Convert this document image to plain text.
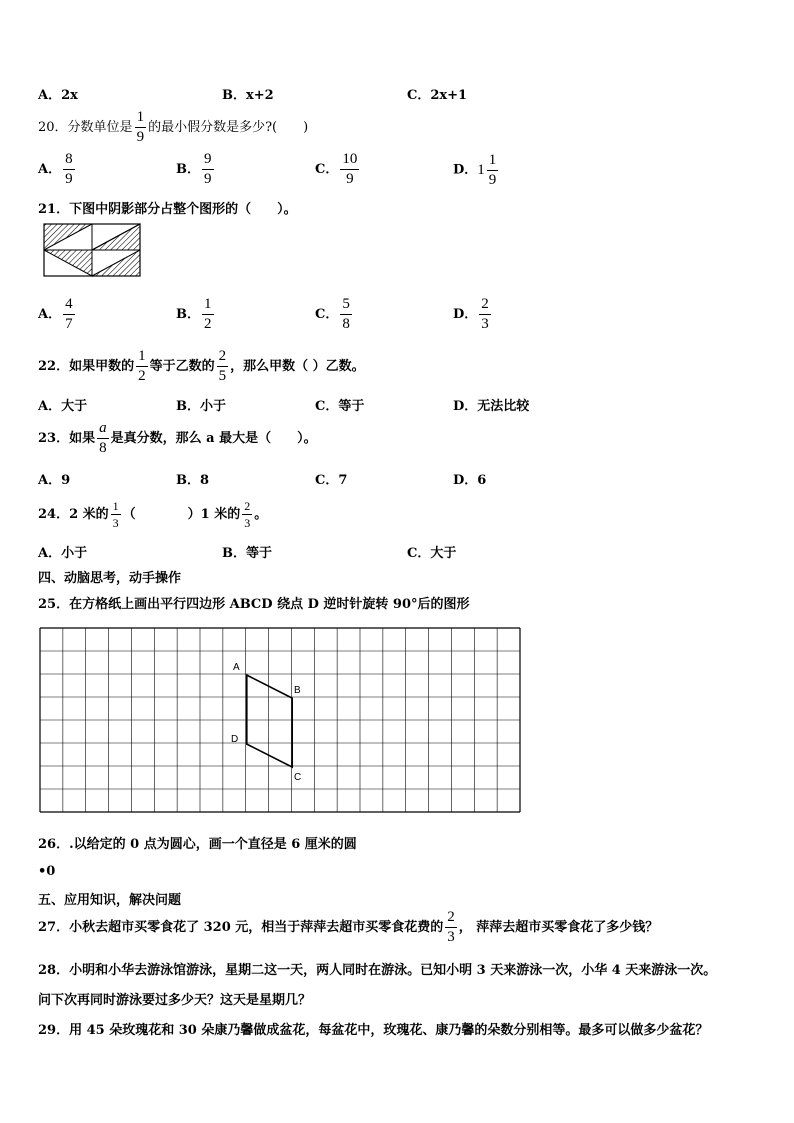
A．2x	B．x+2	C．2x+1
20．分数单位是 $\frac{1}{9}$ 的最小假分数是多少?(　　)
A． $\frac{8}{9}$	B． $\frac{9}{9}$	C． $\frac{10}{9}$	D．$1 \frac{1}{9}$
21．下图中阴影部分占整个图形的（　　）。
A． $\frac{4}{7}$	B． $\frac{1}{2}$	C． $\frac{5}{8}$	D． $\frac{2}{3}$
22．如果甲数的 $\frac{1}{2}$ 等于乙数的 $\frac{2}{5}$ ，那么甲数（ ）乙数。
A．大于	B．小于	C．等于	D．无法比较
23．如果 $\frac{a}{8}$ 是真分数，那么 a 最大是（　　）。
A．9	B．8	C．7	D．6
24．2 米的 $\frac{1}{3}$ （　　　　）1 米的 $\frac{2}{3}$ 。
A．小于	B．等于	C．大于
四、动脑思考，动手操作
25．在方格纸上画出平行四边形 ABCD 绕点 D 逆时针旋转 90°后的图形
A
B
C
D
26．.以给定的 0 点为圆心，画一个直径是 6 厘米的圆
•0
五、应用知识，解决问题
27．小秋去超市买零食花了 320 元，相当于萍萍去超市买零食花费的 $\frac{2}{3}$ ， 萍萍去超市买零食花了多少钱？
28．小明和小华去游泳馆游泳，星期二这一天，两人同时在游泳。已知小明 3 天来游泳一次，小华 4 天来游泳一次。
问下次再同时游泳要过多少天？这天是星期几？
29．用 45 朵玫瑰花和 30 朵康乃馨做成盆花，每盆花中，玫瑰花、康乃馨的朵数分别相等。最多可以做多少盆花？
